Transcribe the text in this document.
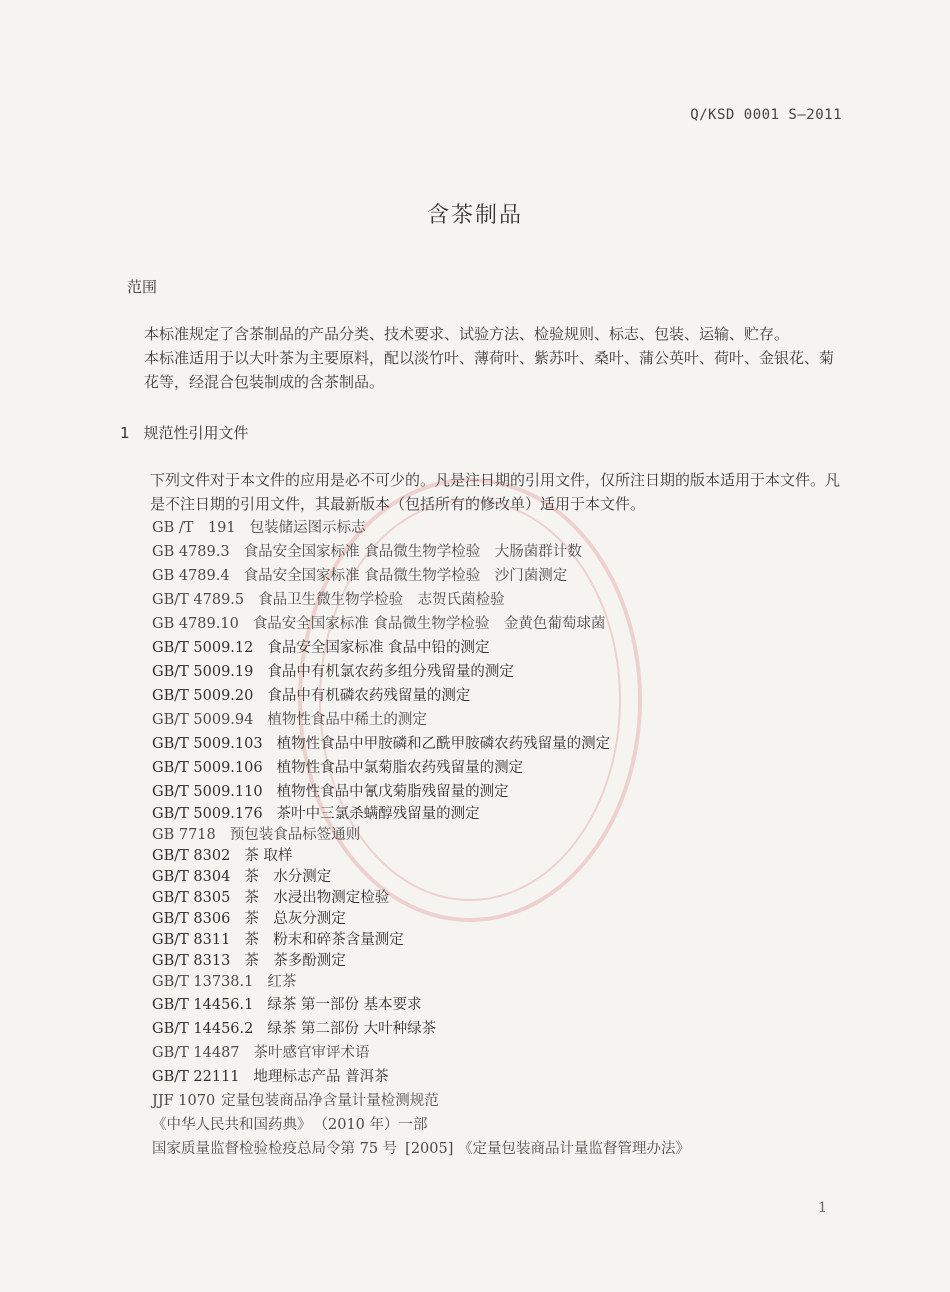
Q/KSD 0001 S—2011
含茶制品
范围
本标准规定了含茶制品的产品分类、技术要求、试验方法、检验规则、标志、包装、运输、贮存。
本标准适用于以大叶茶为主要原料，配以淡竹叶、薄荷叶、紫苏叶、桑叶、蒲公英叶、荷叶、金银花、菊花等，经混合包装制成的含茶制品。
1 规范性引用文件
下列文件对于本文件的应用是必不可少的。凡是注日期的引用文件，仅所注日期的版本适用于本文件。凡是不注日期的引用文件，其最新版本（包括所有的修改单）适用于本文件。
GB /T　191 包装储运图示标志
GB 4789.3 食品安全国家标准 食品微生物学检验　大肠菌群计数
GB 4789.4 食品安全国家标准 食品微生物学检验　沙门菌测定
GB/T 4789.5 食品卫生微生物学检验　志贺氏菌检验
GB 4789.10 食品安全国家标准 食品微生物学检验　金黄色葡萄球菌
GB/T 5009.12 食品安全国家标准 食品中铅的测定
GB/T 5009.19 食品中有机氯农药多组分残留量的测定
GB/T 5009.20 食品中有机磷农药残留量的测定
GB/T 5009.94 植物性食品中稀土的测定
GB/T 5009.103 植物性食品中甲胺磷和乙酰甲胺磷农药残留量的测定
GB/T 5009.106 植物性食品中氯菊脂农药残留量的测定
GB/T 5009.110 植物性食品中氰戊菊脂残留量的测定
GB/T 5009.176 茶叶中三氯杀螨醇残留量的测定
GB 7718 预包装食品标签通则
GB/T 8302 茶 取样
GB/T 8304 茶　水分测定
GB/T 8305 茶　水浸出物测定检验
GB/T 8306 茶　总灰分测定
GB/T 8311 茶　粉末和碎茶含量测定
GB/T 8313 茶　茶多酚测定
GB/T 13738.1 红茶
GB/T 14456.1 绿茶 第一部份 基本要求
GB/T 14456.2 绿茶 第二部份 大叶种绿茶
GB/T 14487 茶叶感官审评术语
GB/T 22111 地理标志产品 普洱茶
JJF 1070 定量包装商品净含量计量检测规范
《中华人民共和国药典》 （2010 年）一部
国家质量监督检验检疫总局令第 75 号 [2005] 《定量包装商品计量监督管理办法》
1
